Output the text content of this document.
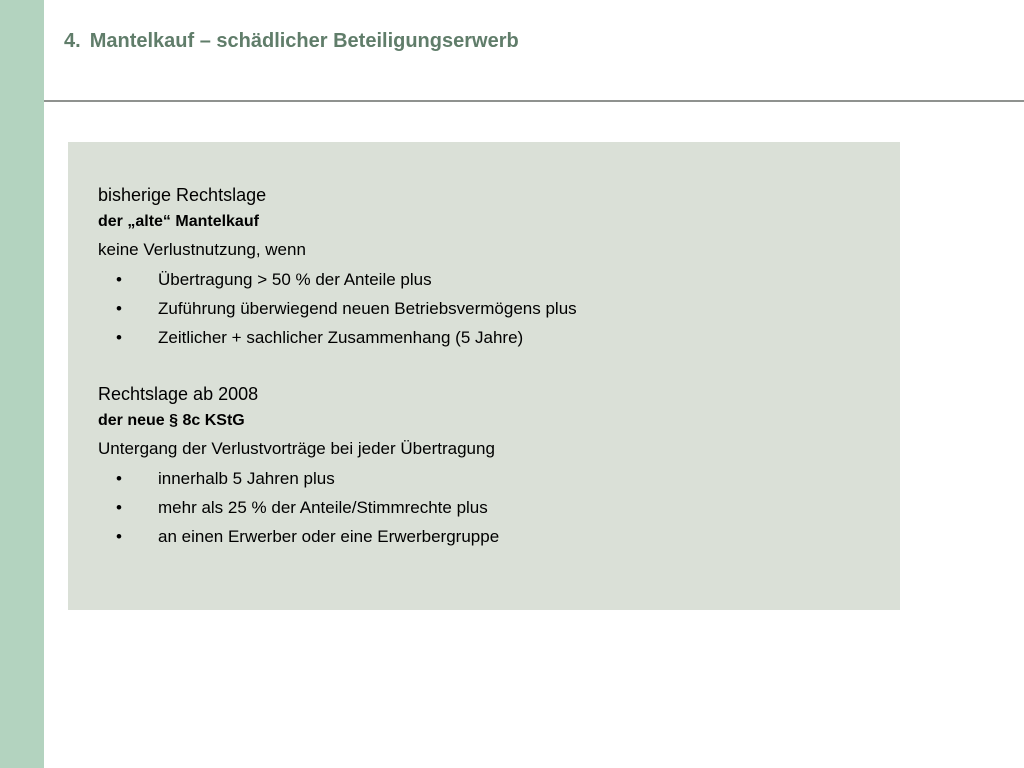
4. Mantelkauf – schädlicher Beteiligungserwerb
bisherige Rechtslage
der „alte“ Mantelkauf
keine Verlustnutzung, wenn
• Übertragung > 50 % der Anteile plus
• Zuführung überwiegend neuen Betriebsvermögens plus
• Zeitlicher + sachlicher Zusammenhang (5 Jahre)
Rechtslage ab 2008
der neue § 8c KStG
Untergang der Verlustvorträge bei jeder Übertragung
• innerhalb 5 Jahren plus
• mehr als 25 % der Anteile/Stimmrechte plus
• an einen Erwerber oder eine Erwerbergruppe
